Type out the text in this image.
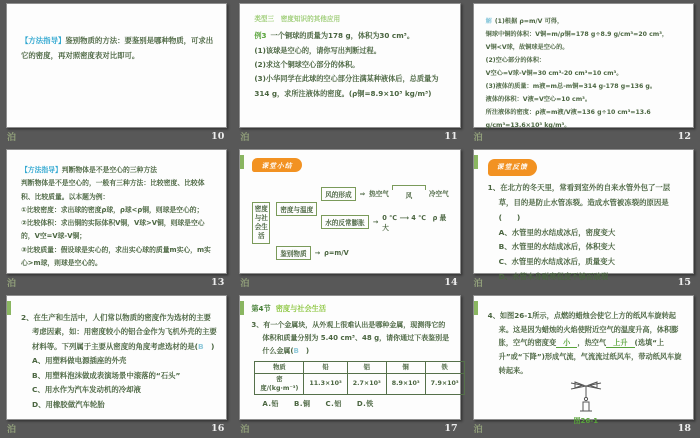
【方法指导】鉴别物质的方法：要鉴别是哪种物质，可求出它的密度，再对照密度表对比即可。
泊	10
类型三　密度知识的其他应用
例3 一个铜球的质量为178 g，体积为30 cm³。
(1)该球是空心的，请你写出判断过程。
(2)求这个铜球空心部分的体积。
(3)小华同学在此球的空心部分注满某种液体后，总质量为314 g，求所注液体的密度。(ρ铜=8.9×10³ kg/m³)
泊	11
解 (1)根据 ρ=m/V 可得，
铜球中铜的体积：V铜=m/ρ铜=178 g÷8.9 g/cm³=20 cm³，
V铜<V球，故铜球是空心的。
(2)空心部分的体积：
V空心=V球-V铜=30 cm³-20 cm³=10 cm³。
(3)液体的质量：m液=m总-m铜=314 g-178 g=136 g。
液体的体积：V液=V空心=10 cm³。
所注液体的密度：ρ液=m液/V液=136 g÷10 cm³=13.6 g/cm³=13.6×10³ kg/m³。
泊	12
【方法指导】判断物体是不是空心的三种方法
判断物体是不是空心的，一般有三种方法：比较密度、比较体积、比较质量。以本题为例：
①比较密度：求出球的密度ρ球，ρ球<ρ铜，则球是空心的；
②比较体积：求出铜的实际体积V铜，V球>V铜，则球是空心的，V空=V球-V铜；
③比较质量：假设球是实心的，求出实心球的质量m实心，m实心>m球，则球是空心的。
泊	13
课堂小结
密度与社会生活
密度与温度
风的形成	⇒ 热空气	风	冷空气
水的反常膨胀	→ 0 ℃ ⟶ 4 ℃　ρ 最大
鉴别物质	→ ρ=m/V
泊	14
课堂反馈
1、在北方的冬天里，常看到室外的自来水管外包了一层草，目的是防止水管冻裂。造成水管被冻裂的原因是(　　)
A、水管里的水结成冰后，密度变大
B、水管里的水结成冰后，体积变大
C、水管里的水结成冰后，质量变大
D、水管本身耐寒程度不够而破裂
泊	15
2、在生产和生活中，人们常以物质的密度作为选材的主要考虑因素，如：用密度较小的铝合金作为飞机外壳的主要材料等。下列属于主要从密度的角度考虑选材的是(B　)
A、用塑料做电源插座的外壳
B、用塑料泡沫做成表演场景中滚落的“石头”
C、用水作为汽车发动机的冷却液
D、用橡胶做汽车轮胎
泊	16
第4节 密度与社会生活
3、有一个金属块，从外观上很难认出是哪种金属，现测得它的体积和质量分别为 5.40 cm³、48 g，请你通过下表鉴别是什么金属(B　)
物质	铅	铝	铜	铁
密度/(kg·m⁻³)	11.3×10³	2.7×10³	8.9×10³	7.9×10³
A.铅　　B.铜　　C.铝　　D.铁
泊	17
4、如图26-1所示，点燃的蜡烛会使它上方的纸风车旋转起来。这是因为蜡烛的火焰使附近空气的温度升高，体积膨胀，空气的密度变 小 ，热空气 上升 (选填“上升”或“下降”)形成气流，气流流过纸风车，带动纸风车旋转起来。
图26-1
泊	18
